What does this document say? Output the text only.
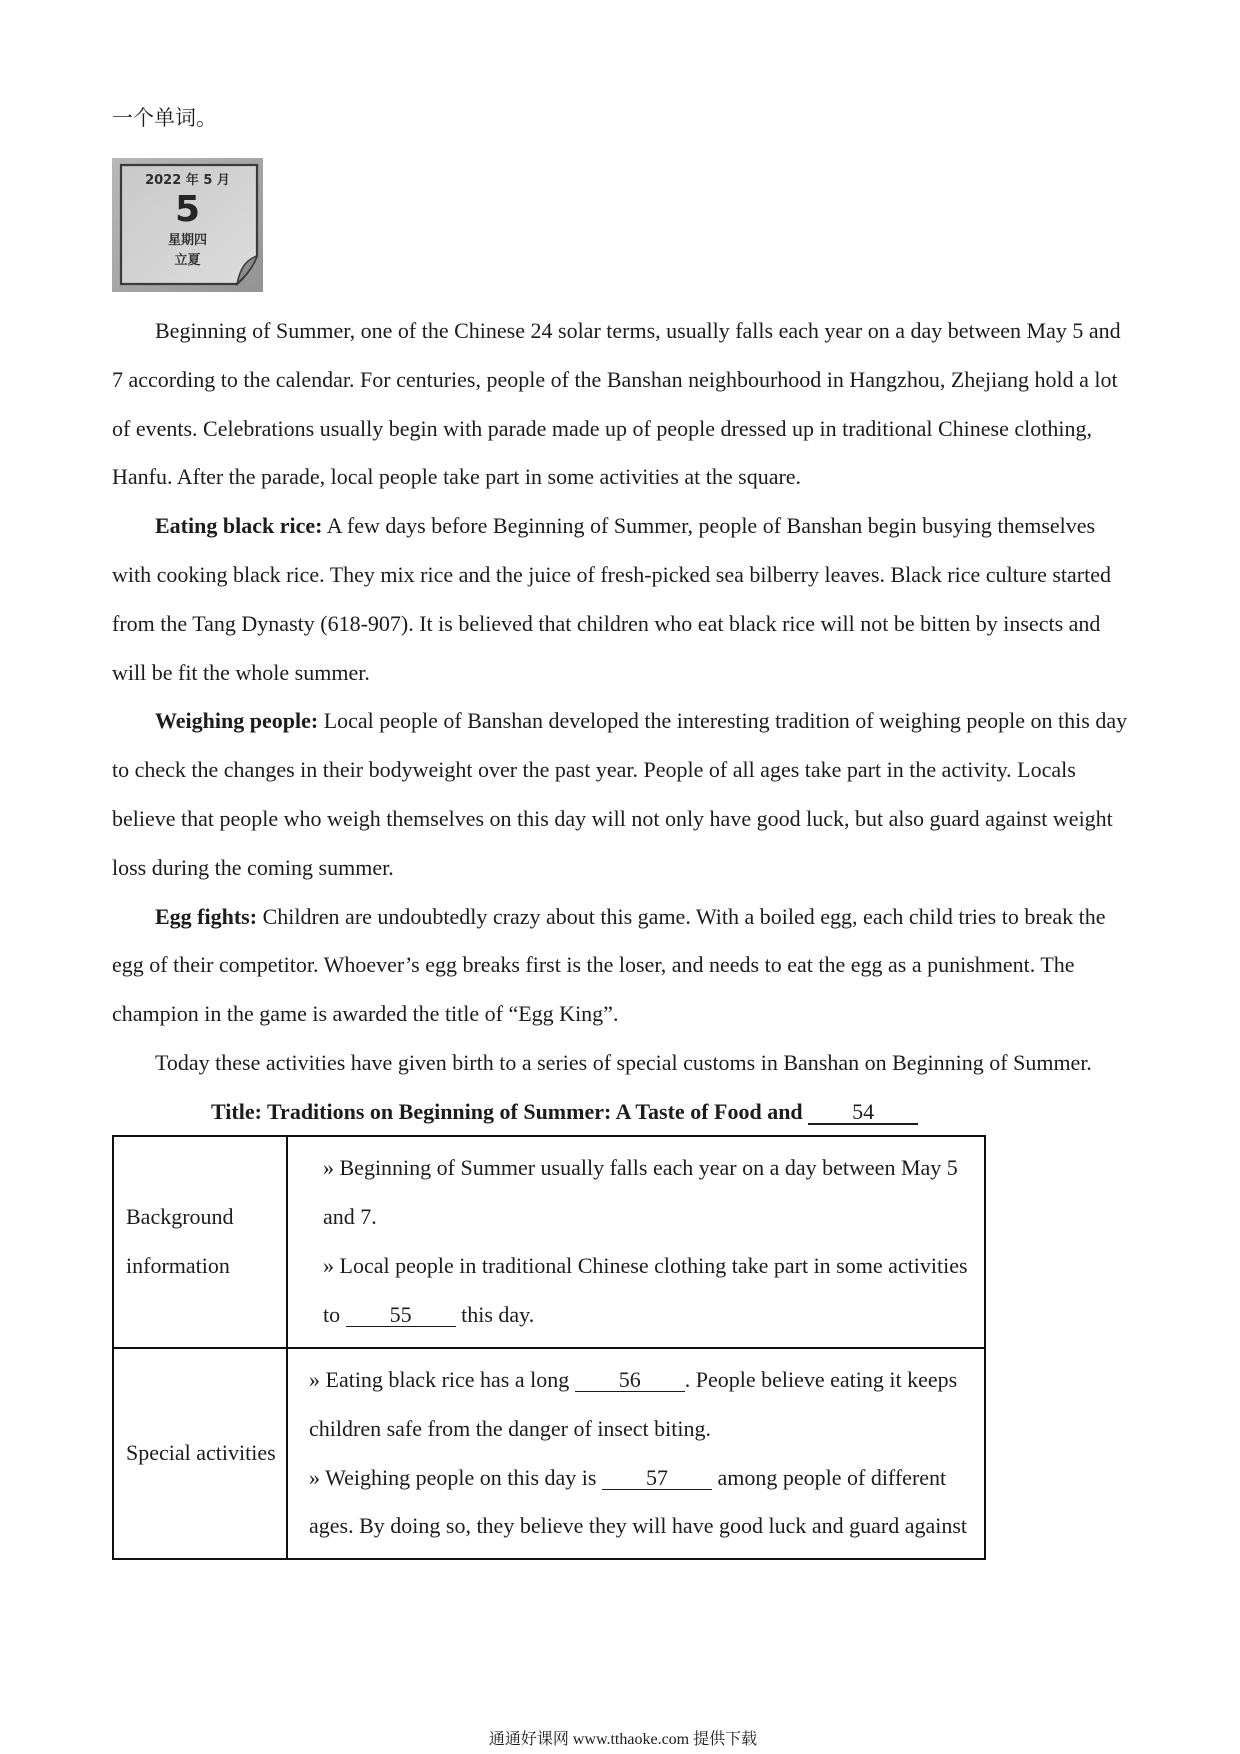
一个单词。
2022 年 5 月
5
星期四
立夏
Beginning of Summer, one of the Chinese 24 solar terms, usually falls each year on a day between May 5 and
7 according to the calendar. For centuries, people of the Banshan neighbourhood in Hangzhou, Zhejiang hold a lot
of events. Celebrations usually begin with parade made up of people dressed up in traditional Chinese clothing,
Hanfu. After the parade, local people take part in some activities at the square.
Eating black rice: A few days before Beginning of Summer, people of Banshan begin busying themselves
with cooking black rice. They mix rice and the juice of fresh-picked sea bilberry leaves. Black rice culture started
from the Tang Dynasty (618-907). It is believed that children who eat black rice will not be bitten by insects and
will be fit the whole summer.
Weighing people: Local people of Banshan developed the interesting tradition of weighing people on this day
to check the changes in their bodyweight over the past year. People of all ages take part in the activity. Locals
believe that people who weigh themselves on this day will not only have good luck, but also guard against weight
loss during the coming summer.
Egg fights: Children are undoubtedly crazy about this game. With a boiled egg, each child tries to break the
egg of their competitor. Whoever’s egg breaks first is the loser, and needs to eat the egg as a punishment. The
champion in the game is awarded the title of “Egg King”.
Today these activities have given birth to a series of special customs in Banshan on Beginning of Summer.
Title: Traditions on Beginning of Summer: A Taste of Food and 54
Background information
» Beginning of Summer usually falls each year on a day between May 5
and 7.
» Local people in traditional Chinese clothing take part in some activities
to 55 this day.
Special activities
» Eating black rice has a long 56 . People believe eating it keeps
children safe from the danger of insect biting.
» Weighing people on this day is 57 among people of different
ages. By doing so, they believe they will have good luck and guard against
通通好课网 www.tthaoke.com 提供下载
